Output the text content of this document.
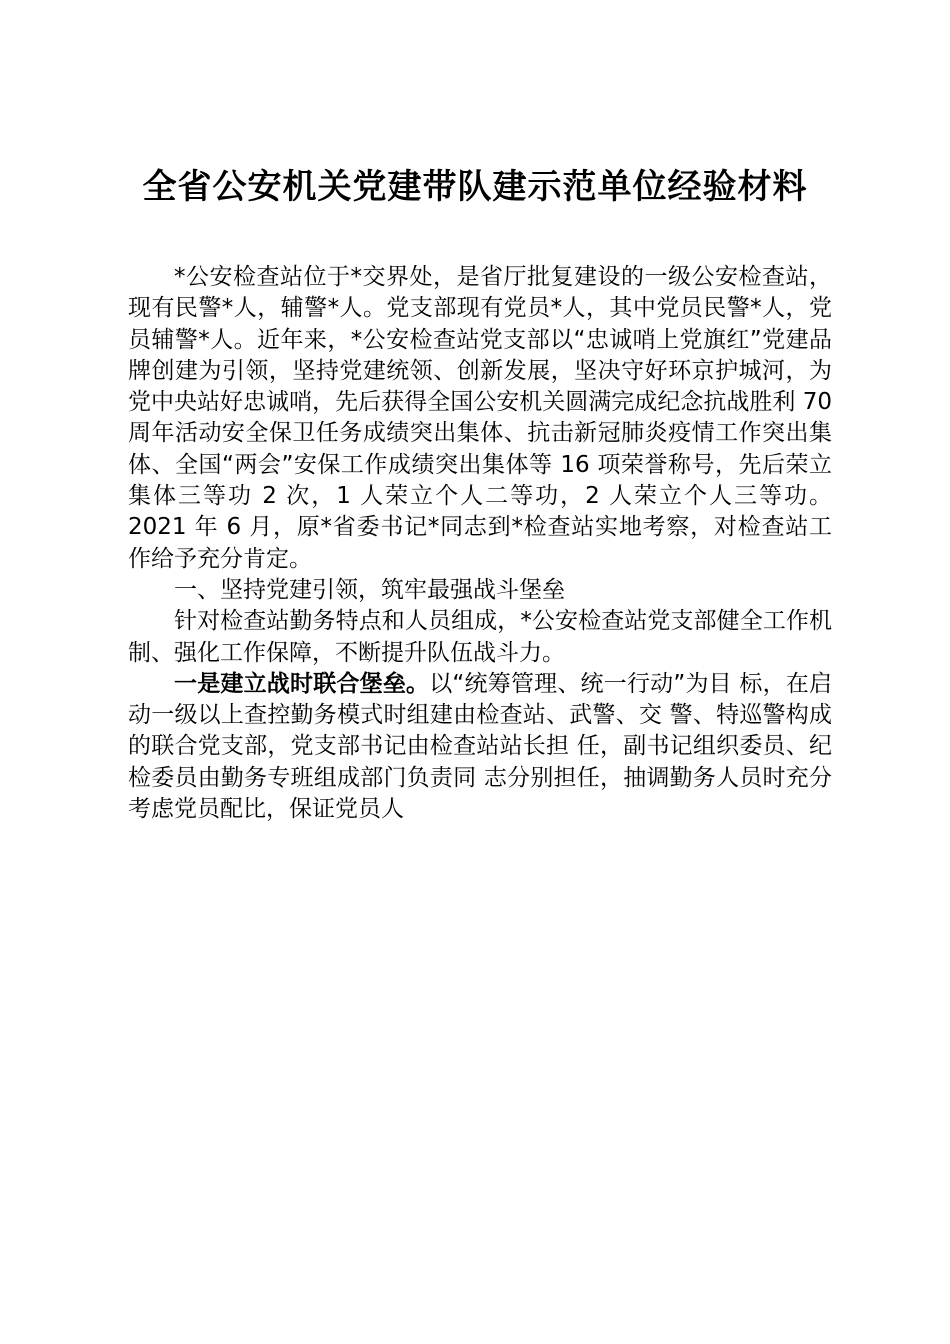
全省公安机关党建带队建示范单位经验材料

*公安检查站位于*交界处，是省厅批复建设的一级公安检查站，现有民警*人，辅警*人。党支部现有党员*人，其中党员民警*人，党员辅警*人。近年来，*公安检查站党支部以“忠诚哨上党旗红”党建品牌创建为引领，坚持党建统领、创新发展，坚决守好环京护城河，为党中央站好忠诚哨，先后获得全国公安机关圆满完成纪念抗战胜利 70 周年活动安全保卫任务成绩突出集体、抗击新冠肺炎疫情工作突出集体、全国“两会”安保工作成绩突出集体等 16 项荣誉称号，先后荣立集体三等功 2 次，1 人荣立个人二等功，2 人荣立个人三等功。2021 年 6 月，原*省委书记*同志到*检查站实地考察，对检查站工作给予充分肯定。

一、坚持党建引领，筑牢最强战斗堡垒

针对检查站勤务特点和人员组成，*公安检查站党支部健全工作机制、强化工作保障，不断提升队伍战斗力。

一是建立战时联合堡垒。以“统筹管理、统一行动”为目 标，在启动一级以上查控勤务模式时组建由检查站、武警、交 警、特巡警构成的联合党支部，党支部书记由检查站站长担 任，副书记组织委员、纪检委员由勤务专班组成部门负责同 志分别担任，抽调勤务人员时充分考虑党员配比，保证党员人
